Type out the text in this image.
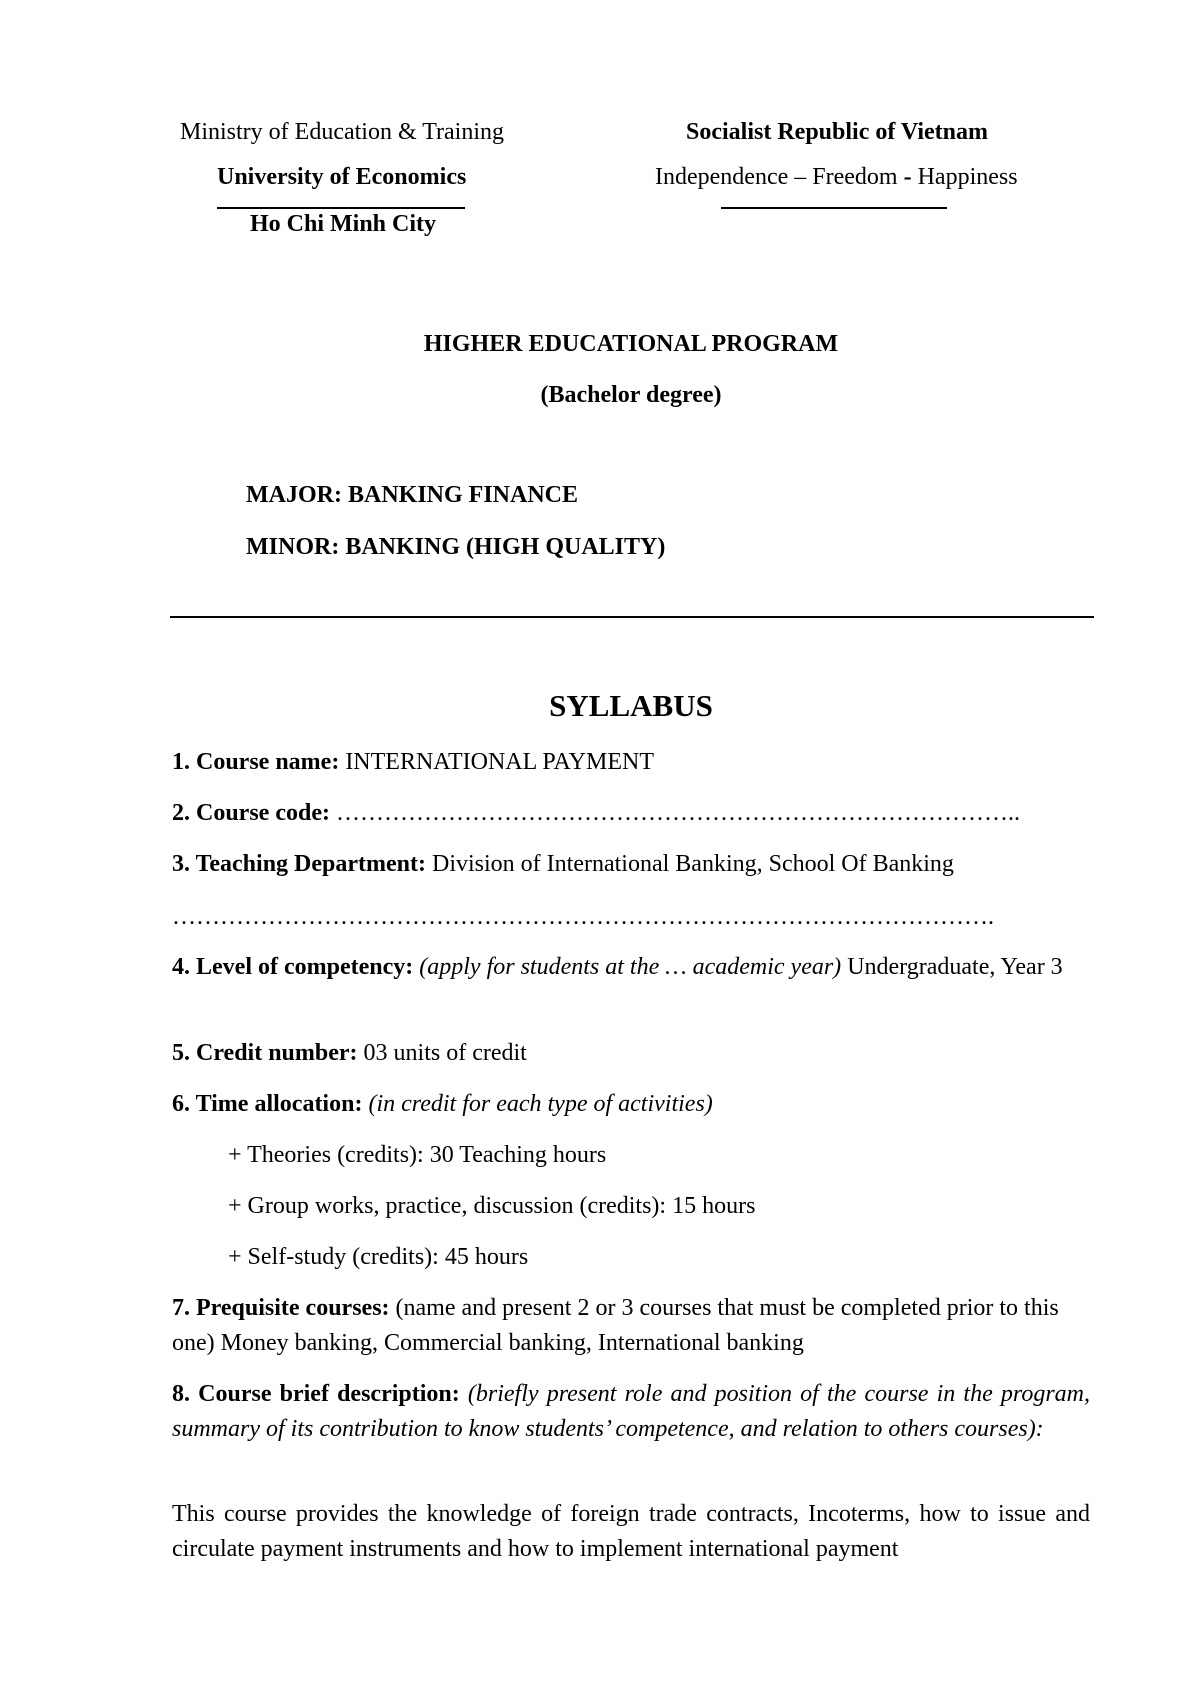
Ministry of Education & Training
University of Economics
Ho Chi Minh City
Socialist Republic of Vietnam
Independence – Freedom - Happiness
HIGHER EDUCATIONAL PROGRAM
(Bachelor degree)
MAJOR: BANKING FINANCE
MINOR: BANKING (HIGH QUALITY)
SYLLABUS
1. Course name: INTERNATIONAL PAYMENT
2. Course code: …………………………………………………………………………..
3. Teaching Department: Division of International Banking, School Of Banking
………………………………………………………………………………………….
4. Level of competency: (apply for students at the … academic year) Undergraduate, Year 3
5. Credit number: 03 units of credit
6. Time allocation: (in credit for each type of activities)
+ Theories (credits): 30 Teaching hours
+ Group works, practice, discussion (credits): 15 hours
+ Self-study (credits): 45 hours
7. Prequisite courses: (name and present 2 or 3 courses that must be completed prior to this one) Money banking, Commercial banking, International banking
8. Course brief description: (briefly present role and position of the course in the program, summary of its contribution to know students’ competence, and relation to others courses):
This course provides the knowledge of foreign trade contracts, Incoterms, how to issue and circulate payment instruments and how to implement international payment
